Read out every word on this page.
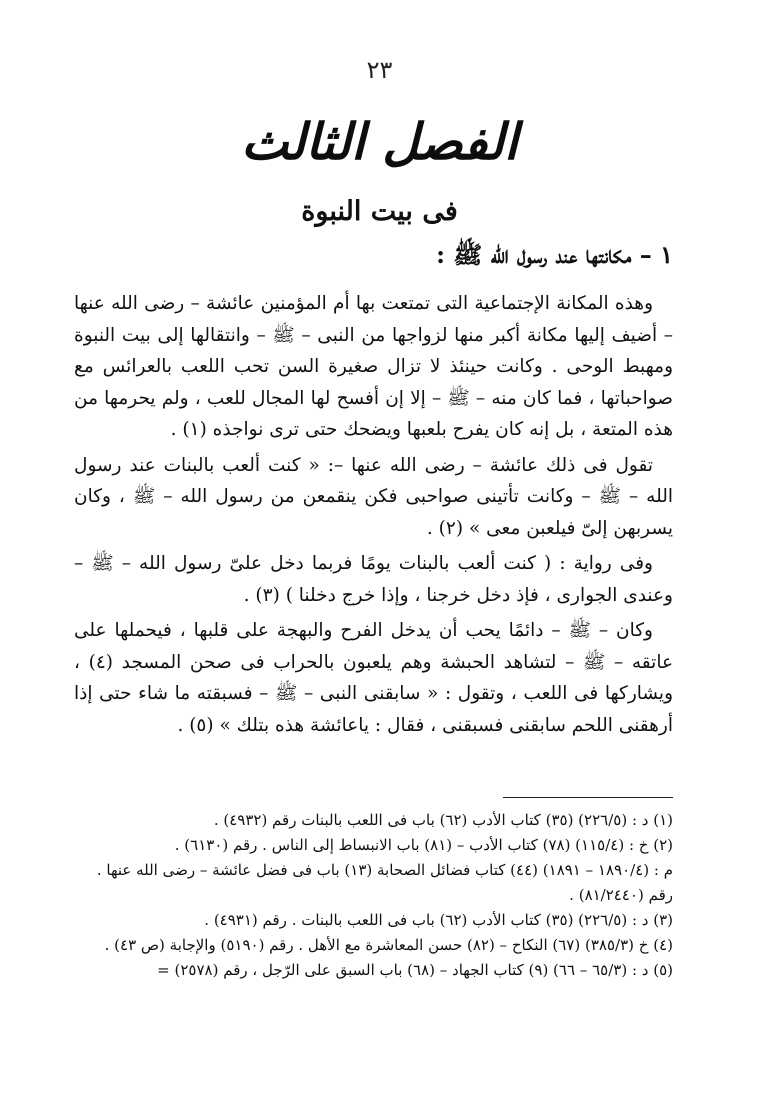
٢٣
الفصل الثالث
فى بيت النبوة
١ – مكانتها عند رسول الله ﷺ :

وهذه المكانة الإجتماعية التى تمتعت بها أم المؤمنين عائشة – رضى الله عنها – أضيف إليها مكانة أكبر منها لزواجها من النبى – ﷺ – وانتقالها إلى بيت النبوة ومهبط الوحى . وكانت حينئذ لا تزال صغيرة السن تحب اللعب بالعرائس مع صواحباتها ، فما كان منه – ﷺ – إلا إن أفسح لها المجال للعب ، ولم يحرمها من هذه المتعة ، بل إنه كان يفرح بلعبها ويضحك حتى ترى نواجذه (١) .

تقول فى ذلك عائشة – رضى الله عنها –: « كنت ألعب بالبنات عند رسول الله – ﷺ – وكانت تأتينى صواحبى فكن ينقمعن من رسول الله – ﷺ ، وكان يسربهن إلىّ فيلعبن معى » (٢) .

وفى رواية : ( كنت ألعب بالبنات يومًا فربما دخل علىّ رسول الله – ﷺ – وعندى الجوارى ، فإذ دخل خرجنا ، وإذا خرج دخلنا ) (٣) .

وكان – ﷺ – دائمًا يحب أن يدخل الفرح والبهجة على قلبها ، فيحملها على عاتقه – ﷺ – لتشاهد الحبشة وهم يلعبون بالحراب فى صحن المسجد (٤) ، ويشاركها فى اللعب ، وتقول : « سابقنى النبى – ﷺ – فسبقته ما شاء حتى إذا أرهقنى اللحم سابقنى فسبقنى ، فقال : ياعائشة هذه بتلك » (٥) .

(١) د : (٢٢٦/٥) (٣٥) كتاب الأدب (٦٢) باب فى اللعب بالبنات رقم (٤٩٣٢) .

(٢) خ : (١١٥/٤) (٧٨) كتاب الأدب – (٨١) باب الانبساط إلى الناس . رقم (٦١٣٠) .

م : (١٨٩٠/٤ – ١٨٩١) (٤٤) كتاب فضائل الصحابة (١٣) باب فى فضل عائشة – رضى الله عنها . رقم (٨١/٢٤٤٠) .

(٣) د : (٢٢٦/٥) (٣٥) كتاب الأدب (٦٢) باب فى اللعب بالبنات . رقم (٤٩٣١) .

(٤) خ (٣٨٥/٣) (٦٧) النكاح – (٨٢) حسن المعاشرة مع الأهل . رقم (٥١٩٠) والإجابة (ص ٤٣) .

(٥) د : (٦٥/٣ – ٦٦) (٩) كتاب الجهاد – (٦٨) باب السبق على الرّجل ، رقم (٢٥٧٨) =
